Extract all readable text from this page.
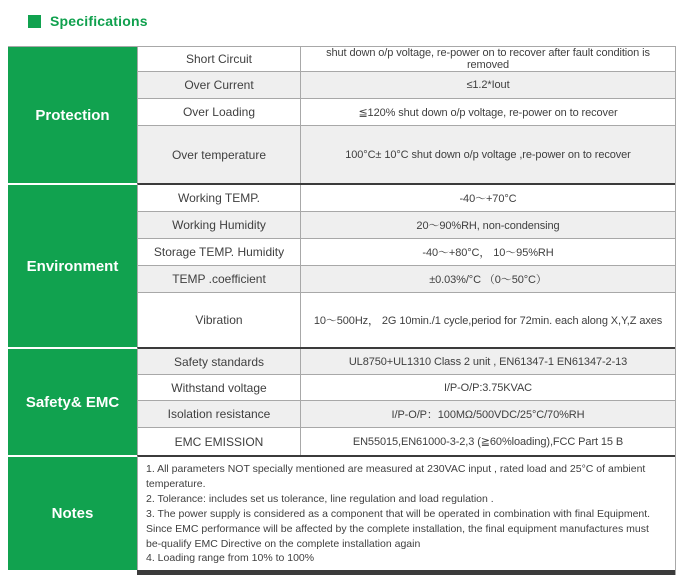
Specifications
Protection
Short Circuit	shut down o/p voltage, re-power on to recover after fault condition is removed
Over Current	≤1.2*Iout
Over Loading	≦120% shut down o/p voltage, re-power on to recover
Over temperature	100°C± 10°C shut down o/p voltage ,re-power on to recover
Environment
Working TEMP.	-40～+70°C
Working Humidity	20～90%RH, non-condensing
Storage TEMP. Humidity	-40～+80°C， 10～95%RH
TEMP .coefficient	±0.03%/°C （0～50°C）
Vibration	10～500Hz， 2G 10min./1 cycle,period for 72min. each along X,Y,Z axes
Safety& EMC
Safety standards	UL8750+UL1310 Class 2 unit , EN61347-1 EN61347-2-13
Withstand voltage	I/P-O/P:3.75KVAC
Isolation resistance	I/P-O/P：100MΩ/500VDC/25°C/70%RH
EMC EMISSION	EN55015,EN61000-3-2,3 (≧60%loading),FCC Part 15 B
Notes
1. All parameters NOT specially mentioned are measured at 230VAC input , rated load and 25°C of ambient temperature.
2. Tolerance: includes set us tolerance, line regulation and load regulation .
3. The power supply is considered as a component that will be operated in combination with final Equipment. Since EMC performance will be affected by the complete installation, the final equipment manufactures must be-qualify EMC Directive on the complete installation again
4. Loading range from 10% to 100%
